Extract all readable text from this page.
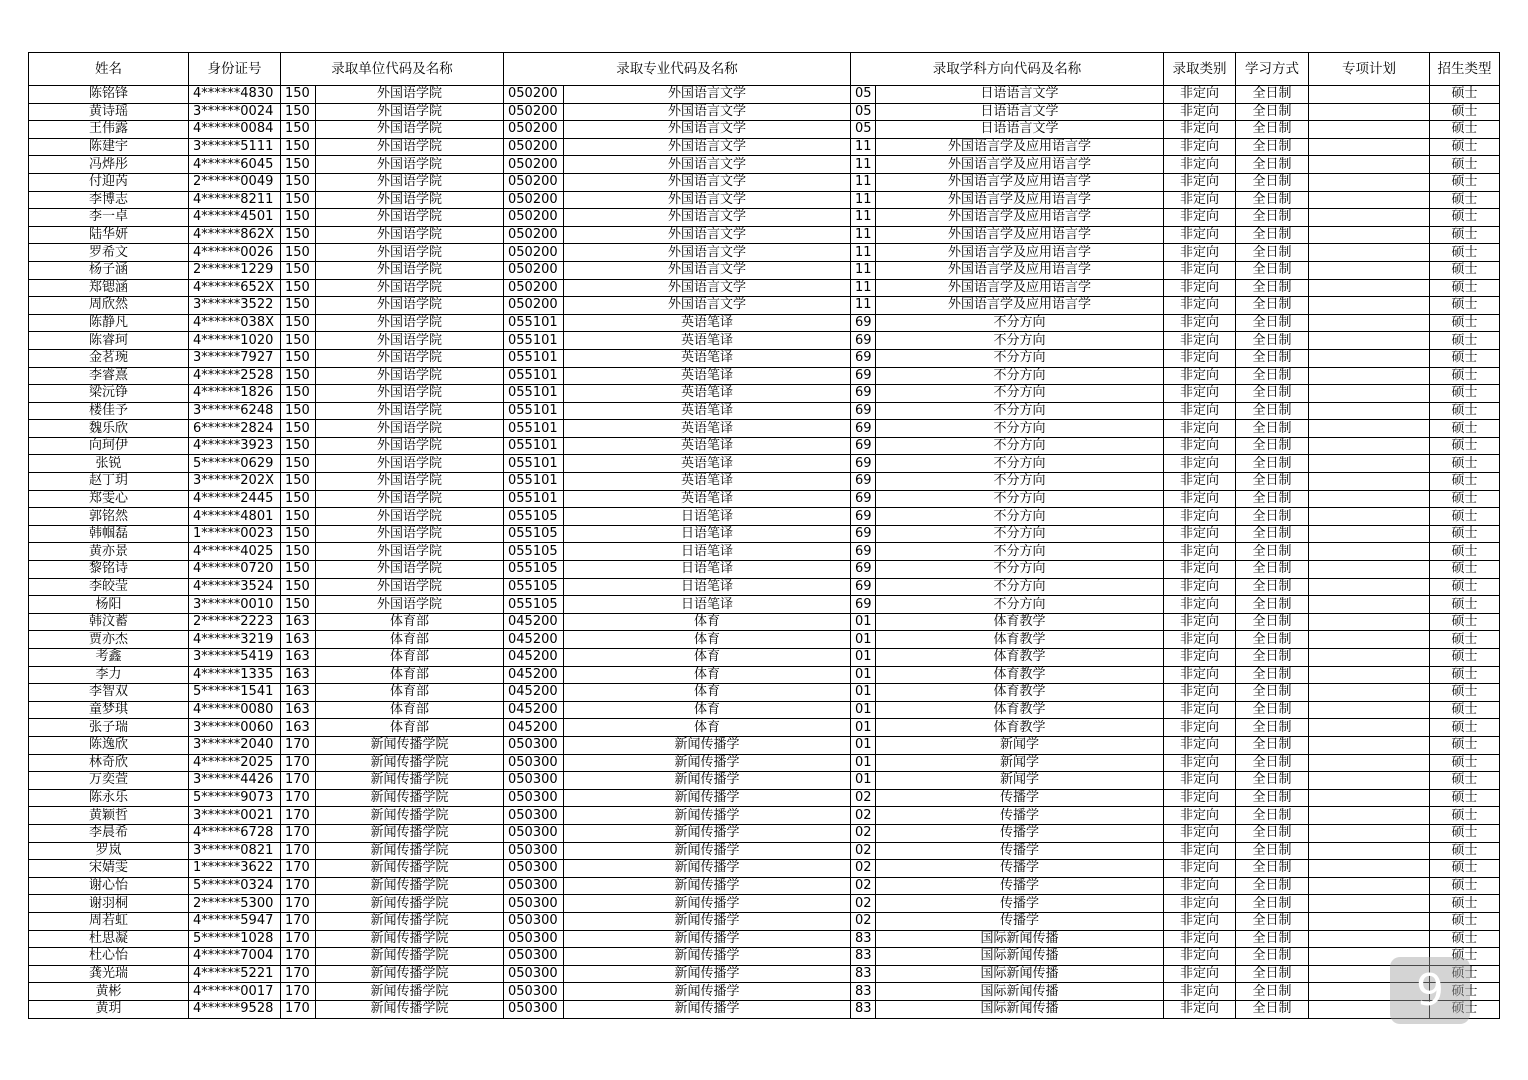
姓名	身份证号	录取单位代码及名称		录取专业代码及名称		录取学科方向代码及名称		录取类别	学习方式	专项计划	招生类型
陈铭锋	4******4830	150	外国语学院	050200	外国语言文学	05	日语语言文学	非定向	全日制		硕士
黄诗瑶	3******0024	150	外国语学院	050200	外国语言文学	05	日语语言文学	非定向	全日制		硕士
王伟露	4******0084	150	外国语学院	050200	外国语言文学	05	日语语言文学	非定向	全日制		硕士
陈建宇	3******5111	150	外国语学院	050200	外国语言文学	11	外国语言学及应用语言学	非定向	全日制		硕士
冯烨彤	4******6045	150	外国语学院	050200	外国语言文学	11	外国语言学及应用语言学	非定向	全日制		硕士
付迎芮	2******0049	150	外国语学院	050200	外国语言文学	11	外国语言学及应用语言学	非定向	全日制		硕士
李博志	4******8211	150	外国语学院	050200	外国语言文学	11	外国语言学及应用语言学	非定向	全日制		硕士
李一卓	4******4501	150	外国语学院	050200	外国语言文学	11	外国语言学及应用语言学	非定向	全日制		硕士
陆华妍	4******862X	150	外国语学院	050200	外国语言文学	11	外国语言学及应用语言学	非定向	全日制		硕士
罗希文	4******0026	150	外国语学院	050200	外国语言文学	11	外国语言学及应用语言学	非定向	全日制		硕士
杨子涵	2******1229	150	外国语学院	050200	外国语言文学	11	外国语言学及应用语言学	非定向	全日制		硕士
郑锶涵	4******652X	150	外国语学院	050200	外国语言文学	11	外国语言学及应用语言学	非定向	全日制		硕士
周欣然	3******3522	150	外国语学院	050200	外国语言文学	11	外国语言学及应用语言学	非定向	全日制		硕士
陈静凡	4******038X	150	外国语学院	055101	英语笔译	69	不分方向	非定向	全日制		硕士
陈睿珂	4******1020	150	外国语学院	055101	英语笔译	69	不分方向	非定向	全日制		硕士
金茗琬	3******7927	150	外国语学院	055101	英语笔译	69	不分方向	非定向	全日制		硕士
李睿熹	4******2528	150	外国语学院	055101	英语笔译	69	不分方向	非定向	全日制		硕士
梁沅铮	4******1826	150	外国语学院	055101	英语笔译	69	不分方向	非定向	全日制		硕士
楼佳予	3******6248	150	外国语学院	055101	英语笔译	69	不分方向	非定向	全日制		硕士
魏乐欣	6******2824	150	外国语学院	055101	英语笔译	69	不分方向	非定向	全日制		硕士
向珂伊	4******3923	150	外国语学院	055101	英语笔译	69	不分方向	非定向	全日制		硕士
张锐	5******0629	150	外国语学院	055101	英语笔译	69	不分方向	非定向	全日制		硕士
赵丁玥	3******202X	150	外国语学院	055101	英语笔译	69	不分方向	非定向	全日制		硕士
郑雯心	4******2445	150	外国语学院	055101	英语笔译	69	不分方向	非定向	全日制		硕士
郭铭然	4******4801	150	外国语学院	055105	日语笔译	69	不分方向	非定向	全日制		硕士
韩帼磊	1******0023	150	外国语学院	055105	日语笔译	69	不分方向	非定向	全日制		硕士
黄亦景	4******4025	150	外国语学院	055105	日语笔译	69	不分方向	非定向	全日制		硕士
黎铭诗	4******0720	150	外国语学院	055105	日语笔译	69	不分方向	非定向	全日制		硕士
李皎莹	4******3524	150	外国语学院	055105	日语笔译	69	不分方向	非定向	全日制		硕士
杨阳	3******0010	150	外国语学院	055105	日语笔译	69	不分方向	非定向	全日制		硕士
韩汶蓄	2******2223	163	体育部	045200	体育	01	体育教学	非定向	全日制		硕士
贾亦杰	4******3219	163	体育部	045200	体育	01	体育教学	非定向	全日制		硕士
考鑫	3******5419	163	体育部	045200	体育	01	体育教学	非定向	全日制		硕士
李力	4******1335	163	体育部	045200	体育	01	体育教学	非定向	全日制		硕士
李智双	5******1541	163	体育部	045200	体育	01	体育教学	非定向	全日制		硕士
童梦琪	4******0080	163	体育部	045200	体育	01	体育教学	非定向	全日制		硕士
张子瑞	3******0060	163	体育部	045200	体育	01	体育教学	非定向	全日制		硕士
陈逸欣	3******2040	170	新闻传播学院	050300	新闻传播学	01	新闻学	非定向	全日制		硕士
林奇欣	4******2025	170	新闻传播学院	050300	新闻传播学	01	新闻学	非定向	全日制		硕士
万奕萱	3******4426	170	新闻传播学院	050300	新闻传播学	01	新闻学	非定向	全日制		硕士
陈永乐	5******9073	170	新闻传播学院	050300	新闻传播学	02	传播学	非定向	全日制		硕士
黄颖哲	3******0021	170	新闻传播学院	050300	新闻传播学	02	传播学	非定向	全日制		硕士
李晨希	4******6728	170	新闻传播学院	050300	新闻传播学	02	传播学	非定向	全日制		硕士
罗岚	3******0821	170	新闻传播学院	050300	新闻传播学	02	传播学	非定向	全日制		硕士
宋婧雯	1******3622	170	新闻传播学院	050300	新闻传播学	02	传播学	非定向	全日制		硕士
谢心怡	5******0324	170	新闻传播学院	050300	新闻传播学	02	传播学	非定向	全日制		硕士
谢羽桐	2******5300	170	新闻传播学院	050300	新闻传播学	02	传播学	非定向	全日制		硕士
周若虹	4******5947	170	新闻传播学院	050300	新闻传播学	02	传播学	非定向	全日制		硕士
杜思凝	5******1028	170	新闻传播学院	050300	新闻传播学	83	国际新闻传播	非定向	全日制		硕士
杜心怡	4******7004	170	新闻传播学院	050300	新闻传播学	83	国际新闻传播	非定向	全日制		硕士
龚光瑞	4******5221	170	新闻传播学院	050300	新闻传播学	83	国际新闻传播	非定向	全日制		硕士
黄彬	4******0017	170	新闻传播学院	050300	新闻传播学	83	国际新闻传播	非定向	全日制		硕士
黄玥	4******9528	170	新闻传播学院	050300	新闻传播学	83	国际新闻传播	非定向	全日制		硕士
9
